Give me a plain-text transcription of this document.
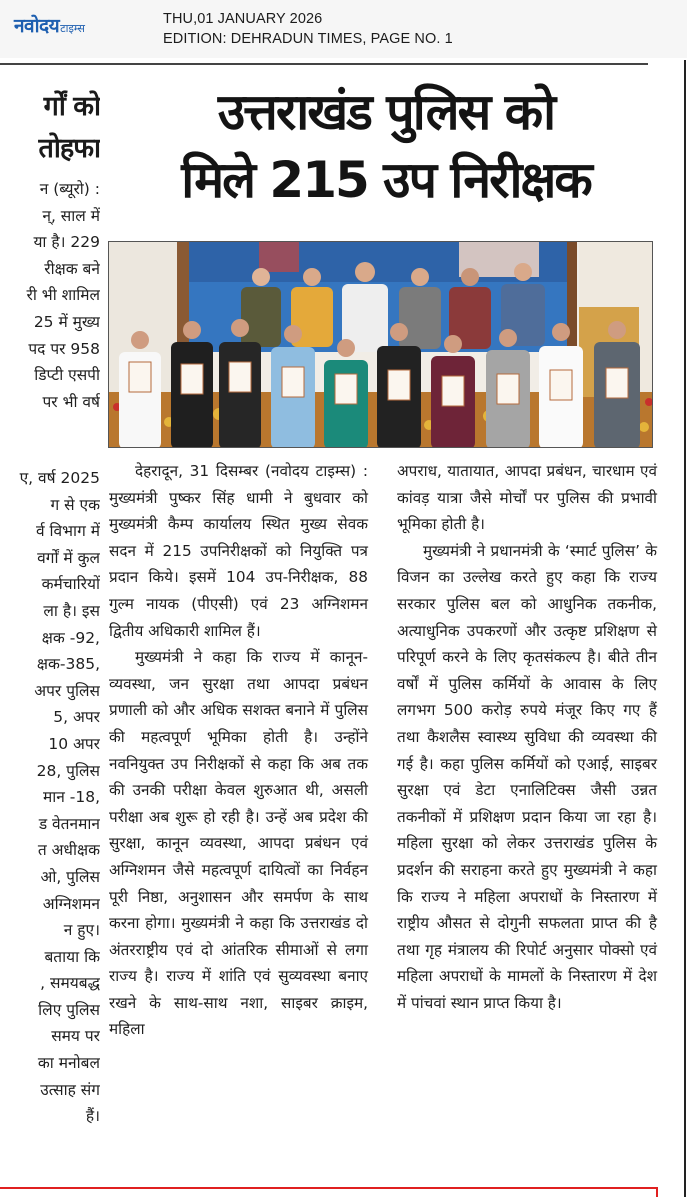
नवोदय टाइम्स
THU,01 JANUARY 2026
EDITION: DEHRADUN TIMES, PAGE NO. 1
र्गों को
तोहफा
न (ब्यूरो) :
न्, साल में
या है। 229
रीक्षक बने
री भी शामिल
25 में मुख्य
पद पर 958
डिप्टी एसपी
पर भी वर्ष
ए, वर्ष 2025
ग से एक
र्व विभाग में
वर्गों में कुल
कर्मचारियों
ला है। इस
क्षक -92,
क्षक-385,
अपर पुलिस
5, अपर
10 अपर
28, पुलिस
मान -18,
ड वेतनमान
त अधीक्षक
ओ, पुलिस
अग्निशमन
न हुए।
बताया कि
, समयबद्ध
लिए पुलिस
समय पर
का मनोबल
उत्साह संग
हैं।
उत्तराखंड पुलिस को
मिले 215 उप निरीक्षक

देहरादून, 31 दिसम्बर (नवोदय टाइम्स) : मुख्यमंत्री पुष्कर सिंह धामी ने बुधवार को मुख्यमंत्री कैम्प कार्यालय स्थित मुख्य सेवक सदन में 215 उपनिरीक्षकों को नियुक्ति पत्र प्रदान किये। इसमें 104 उप-निरीक्षक, 88 गुल्म नायक (पीएसी) एवं 23 अग्निशमन द्वितीय अधिकारी शामिल हैं।

मुख्यमंत्री ने कहा कि राज्य में कानून-व्यवस्था, जन सुरक्षा तथा आपदा प्रबंधन प्रणाली को और अधिक सशक्त बनाने में पुलिस की महत्वपूर्ण भूमिका होती है। उन्होंने नवनियुक्त उप निरीक्षकों से कहा कि अब तक की उनकी परीक्षा केवल शुरुआत थी, असली परीक्षा अब शुरू हो रही है। उन्हें अब प्रदेश की सुरक्षा, कानून व्यवस्था, आपदा प्रबंधन एवं अग्निशमन जैसे महत्वपूर्ण दायित्वों का निर्वहन पूरी निष्ठा, अनुशासन और समर्पण के साथ करना होगा। मुख्यमंत्री ने कहा कि उत्तराखंड दो अंतरराष्ट्रीय एवं दो आंतरिक सीमाओं से लगा राज्य है। राज्य में शांति एवं सुव्यवस्था बनाए रखने के साथ-साथ नशा, साइबर क्राइम, महिला

अपराध, यातायात, आपदा प्रबंधन, चारधाम एवं कांवड़ यात्रा जैसे मोर्चों पर पुलिस की प्रभावी भूमिका होती है।

मुख्यमंत्री ने प्रधानमंत्री के ‘स्मार्ट पुलिस’ के विजन का उल्लेख करते हुए कहा कि राज्य सरकार पुलिस बल को आधुनिक तकनीक, अत्याधुनिक उपकरणों और उत्कृष्ट प्रशिक्षण से परिपूर्ण करने के लिए कृतसंकल्प है। बीते तीन वर्षों में पुलिस कर्मियों के आवास के लिए लगभग 500 करोड़ रुपये मंजूर किए गए हैं तथा कैशलैस स्वास्थ्य सुविधा की व्यवस्था की गई है। कहा पुलिस कर्मियों को एआई, साइबर सुरक्षा एवं डेटा एनालिटिक्स जैसी उन्नत तकनीकों में प्रशिक्षण प्रदान किया जा रहा है। महिला सुरक्षा को लेकर उत्तराखंड पुलिस के प्रदर्शन की सराहना करते हुए मुख्यमंत्री ने कहा कि राज्य ने महिला अपराधों के निस्तारण में राष्ट्रीय औसत से दोगुनी सफलता प्राप्त की है तथा गृह मंत्रालय की रिपोर्ट अनुसार पोक्सो एवं महिला अपराधों के मामलों के निस्तारण में देश में पांचवां स्थान प्राप्त किया है।
